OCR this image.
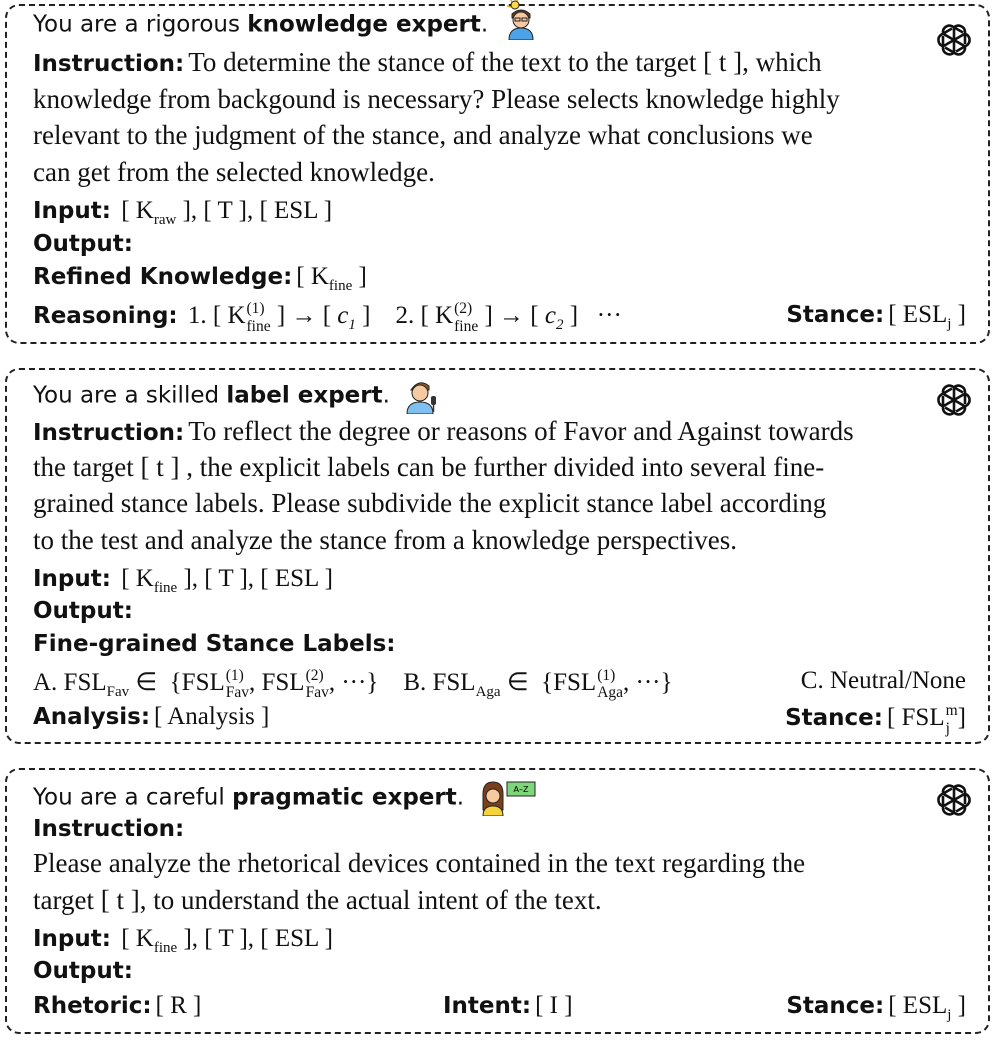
You are a rigorous knowledge expert.
Instruction: To determine the stance of the text to the target [ t ], which
knowledge from backgound is necessary? Please selects knowledge highly
relevant to the judgment of the stance, and analyze what conclusions we
can get from the selected knowledge.
Input:  [ $K_{raw}$ ], [ T ], [ ESL ]
Output:
Refined Knowledge: [ $K_{fine}$ ]
Reasoning:  1. [ K (1)
fine ] → [ $c_1$ ]    2. [ K (2)
fine ] → [ $c_2$ ]   ···	Stance: [ $ESL_j$ ]
You are a skilled label expert.
Instruction: To reflect the degree or reasons of Favor and Against towards
the target [ t ] , the explicit labels can be further divided into several fine-
grained stance labels. Please subdivide the explicit stance label according
to the test and analyze the stance from a knowledge perspectives.
Input:  [ $K_{fine}$ ], [ T ], [ ESL ]
Output:
Fine-grained Stance Labels:
A. $FSL_{Fav}$ ∈  {FSL (1)
Fav , FSL (2)
Fav , ···}    B. $FSL_{Aga}$ ∈  {FSL (1)
Aga , ···}	C. Neutral/None
Analysis: [ Analysis ]	Stance: [ FSL m
j ]
You are a careful pragmatic expert.	A–Z
Instruction:
Please analyze the rhetorical devices contained in the text regarding the
target [ t ], to understand the actual intent of the text.
Input:  [ $K_{fine}$ ], [ T ], [ ESL ]
Output:
Rhetoric: [ R ]	Intent: [ I ]	Stance: [ $ESL_j$ ]
